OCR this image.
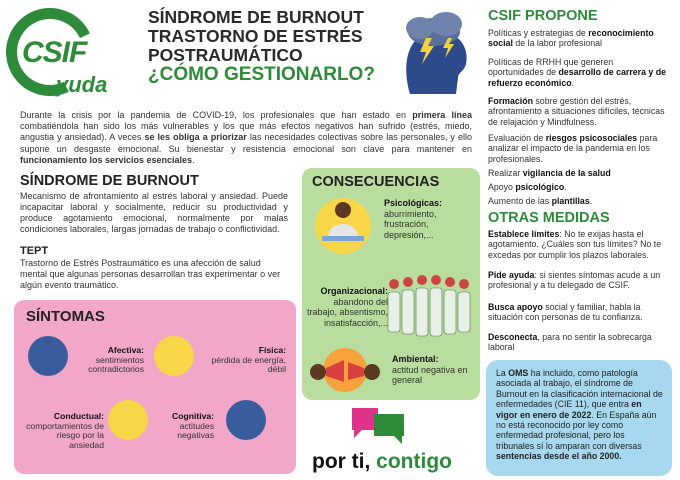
CSIF
yuda
SÍNDROME DE BURNOUT
TRASTORNO DE ESTRÉS
POSTRAUMÁTICO
¿CÓMO GESTIONARLO?
Durante la crisis por la pandemia de COVID-19, los profesionales que han estado en primera línea combatiéndola han sido los más vulnerables y los que más efectos negativos han sufrido (estrés, miedo, angustia y ansiedad). A veces se les obliga a priorizar las necesidades colectivas sobre las personales, y ello supone un desgaste emocional. Su bienestar y resistencia emocional son clave para mantener en funcionamiento los servicios esenciales.
SÍNDROME DE BURNOUT
Mecanismo de afrontamiento al estrés laboral y ansiedad. Puede incapacitar laboral y socialmente, reducir su productividad y produce agotamiento emocional, normalmente por malas condiciones laborales, largas jornadas de trabajo o conflictividad.
TEPT
Trastorno de Estrés Postraumático es una afección de salud mental que algunas personas desarrollan tras experimentar o ver algún evento traumático.
SÍNTOMAS
Afectiva:
sentimientos contradictorios
Física:
pérdida de energía, débil
Conductual:
comportamientos de riesgo por la ansiedad
Cognitiva:
actitudes negativas
CONSECUENCIAS
Psicológicas:
aburrimiento, frustración, depresión,...
Organizacional:
abandono del trabajo, absentismo, insatisfacción,...
Ambiental:
actitud negativa en general
por ti, contigo
CSIF PROPONE
Políticas y estrategias de reconocimiento social de la labor profesional
Políticas de RRHH que generen oportunidades de desarrollo de carrera y de refuerzo económico.
Formación sobre gestión del estrés, afrontamiento a situaciones difíciles, técnicas de relajación y Mindfulness.
Evaluación de riesgos psicosociales para analizar el impacto de la pandemia en los profesionales.
Realizar vigilancia de la salud
Apoyo psicológico.
Aumento de las plantillas.
OTRAS MEDIDAS
Establece límites: No te exijas hasta el agotamiento. ¿Cuáles son tus límites? No te excedas por cumplir los plazos laborales.
Pide ayuda: si sientes síntomas acude a un profesional y a tu delegado de CSIF.
Busca apoyo social y familiar, habla la situación con personas de tu confianza.
Desconecta, para no sentir la sobrecarga laboral
La OMS ha incluido, como patología asociada al trabajo, el síndrome de Burnout en la clasificación internacional de enfermedades (CIE 11), que entra en vigor en enero de 2022. En España aún no está reconocido por ley como enfermedad profesional, pero los tribunales sí lo amparan con diversas sentencias desde el año 2000.
